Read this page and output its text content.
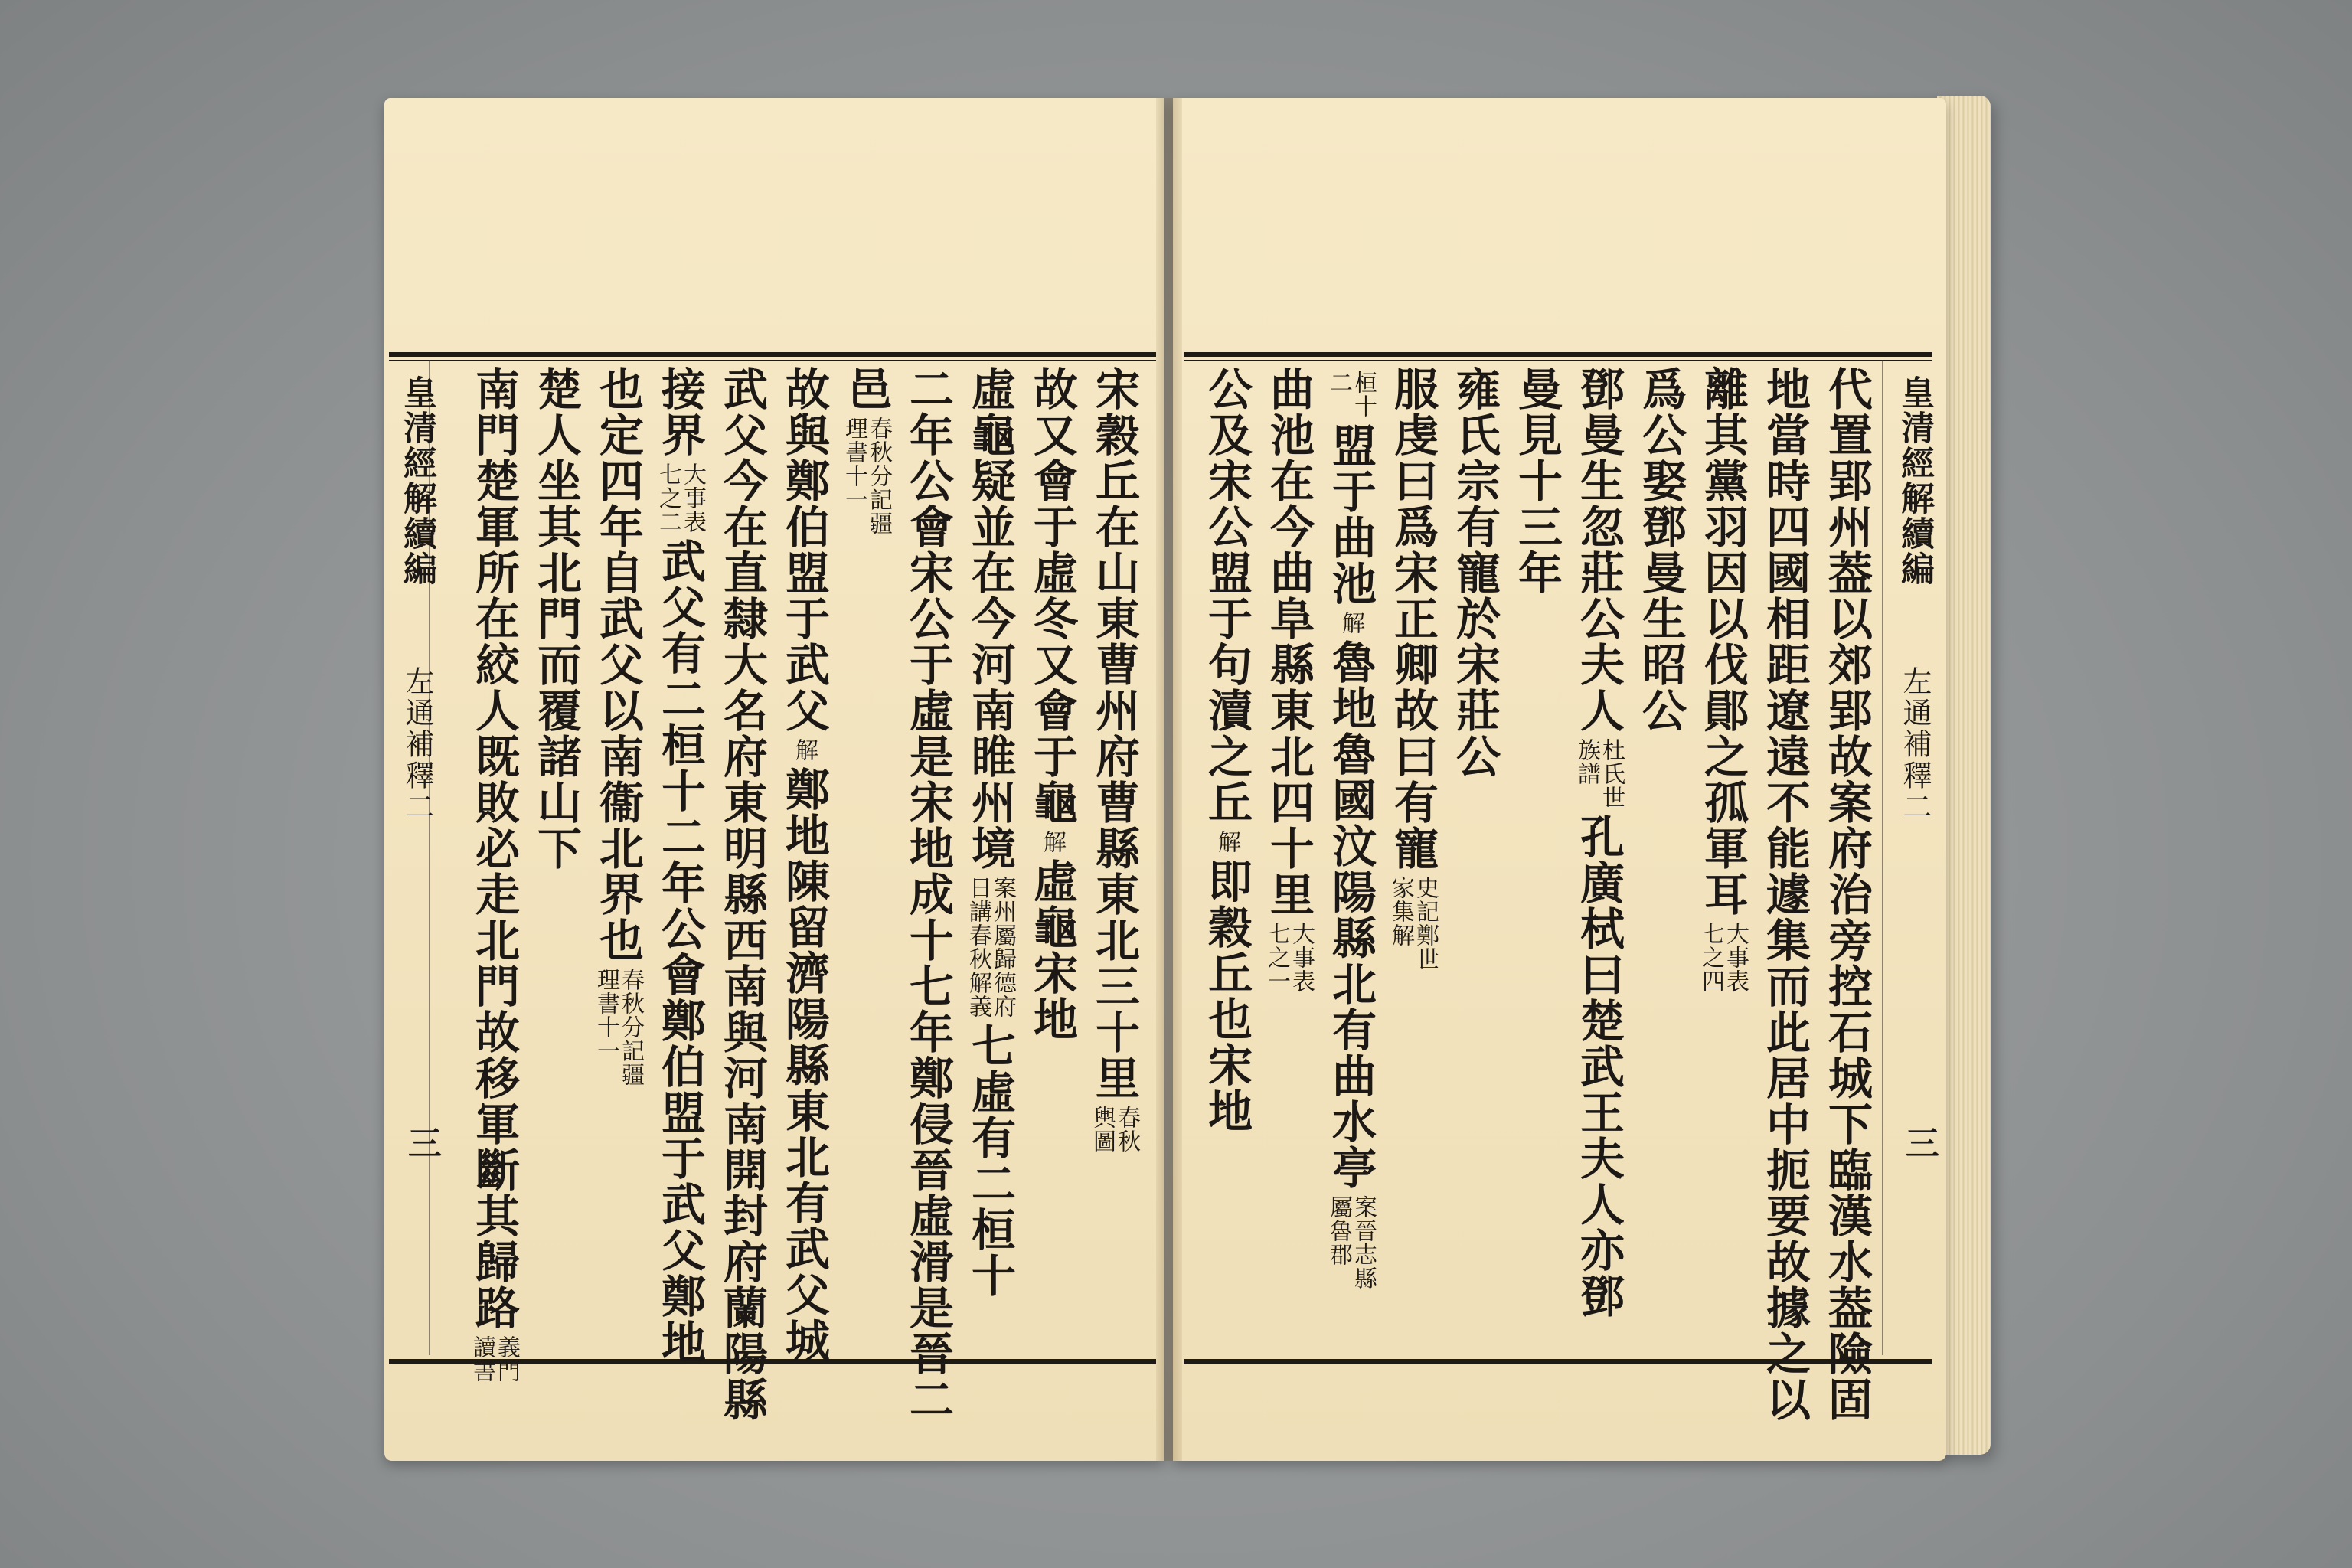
皇清經解續編
左通補釋二
三
皇清經解續編
左通補釋二
三
代置郢州葢以郊郢故案府治旁控石城下臨漢水葢險固
地當時四國相距遼遠不能遽集而此居中扼要故據之以
離其黨羽因以伐鄖之孤軍耳
大事表
七之四
爲公娶鄧曼生昭公
鄧曼生忽莊公夫人
杜氏世
族譜
孔廣栻曰楚武王夫人亦鄧
曼見十三年
雍氏宗有寵於宋莊公
服虔曰爲宋正卿故曰有寵
史記鄭世
家集解
桓十
二
盟于曲池
解
魯地魯國汶陽縣北有曲水亭
案晉志縣
屬魯郡
曲池在今曲阜縣東北四十里
大事表
七之一
公及宋公盟于句瀆之丘
解
即穀丘也宋地
宋穀丘在山東曹州府曹縣東北三十里
春秋
輿圖
故又會于虛冬又會于龜
解
虛龜宋地
虛龜疑並在今河南睢州境
案州屬歸德府
日講春秋解義
七虛有二桓十
二年公會宋公于虛是宋地成十七年鄭侵晉虛滑是晉二
邑
春秋分記疆
理書十一
故與鄭伯盟于武父
解
鄭地陳留濟陽縣東北有武父城
武父今在直隸大名府東明縣西南與河南開封府蘭陽縣
接界
大事表
七之二
武父有二桓十二年公會鄭伯盟于武父鄭地
也定四年自武父以南衞北界也
春秋分記疆
理書十一
楚人坐其北門而覆諸山下
南門楚軍所在絞人既敗必走北門故移軍斷其歸路
義門
讀書
